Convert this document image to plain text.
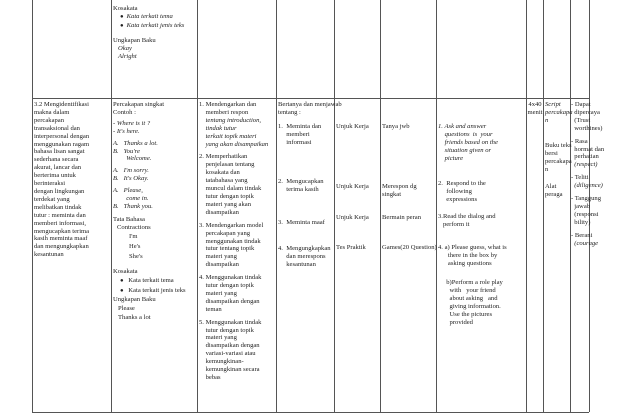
Kosakata
● Kata terkait tema
● Kata terkait jenis teks
Ungkapan Baku
Okay
Alright
3.2 Mengidentifikasi
makna dalam
percakapan
transaksional dan
interpersonal dengan
menggunakan ragam
bahasa lisan sangat
sederhana secara
akurat, lancar dan
berterima untuk
berinteraksi
dengan lingkungan
terdekat yang
melibatkan tindak
tutur : meminta dan
memberi informasi,
mengucapkan terima
kasih meminta maaf
dan mengungkapkan
kesantunan
Percakapan singkat
Contoh :
- Where is it ?
- It's here.
A.   Thanks a lot.
B.   You're
Welcome.
A.   I'm sorry.
B.   It's Okay.
A.   Please,
come in.
B.   Thank you.
Tata Bahasa
Contractions
I'm
He's
She's
Kosakata
● Kata terkait tema
● Kata terkait jenis teks
Ungkapan Baku
Please
Thanks a lot
1. Mendengarkan dan
memberi respon
tentang introduction,
tindak tutur
terkait topik materi
yang akan disampaikan
2. Memperhatikan
penjelasan tentang
kosakata dan
tatabahasa yang
muncul dalam tindak
tutur dengan topik
materi yang akan
disampaikan
3. Mendengarkan model
percakapan yang
menggunakan tindak
tutur tentang topik
materi yang
disampaikan
4. Menggunakan tindak
tutur dengan topik
materi yang
disampaikan dengan
teman
5. Menggunakan tindak
tutur dengan topik
materi yang
disampaikan dengan
variasi-variasi atau
kemungkinan-
kemungkinan secara
bebas
Bertanya dan menjawab
tentang :
1.  Meminta dan
memberi
informasi
2.  Mengucapkan
terima kasih
3.  Meminta maaf
4.  Mengungkapkan
dan merespons
kesantunan
Unjuk Kerja
Unjuk Kerja
Unjuk Kerja
Tes Praktik
Tanya jwb
Merespon dg
singkat
Bermain peran
Games(20 Question)
1. Ask and answer
questions  is  your
friends based on the
situation given or
picture
2.  Respond to the
following
expressions
3.Read the dialog and
perform it
4. a) Please guess, what is
there in the box by
asking questions
b)Perform a role play
with   your friend
about asking   and
giving information.
Use the pictures
provided
4x40
menit
Script
percakapa
n
Buku teks
bersi
percakapa
n
Alat
peraga
- Dapat
dipercaya
(Trust
worthines)
- Rasa
hormat dan
perhatian
(respect)
- Teliti
(diligence)
- Tanggung
jawab
(responsi
bility)
- Berani
(courage
